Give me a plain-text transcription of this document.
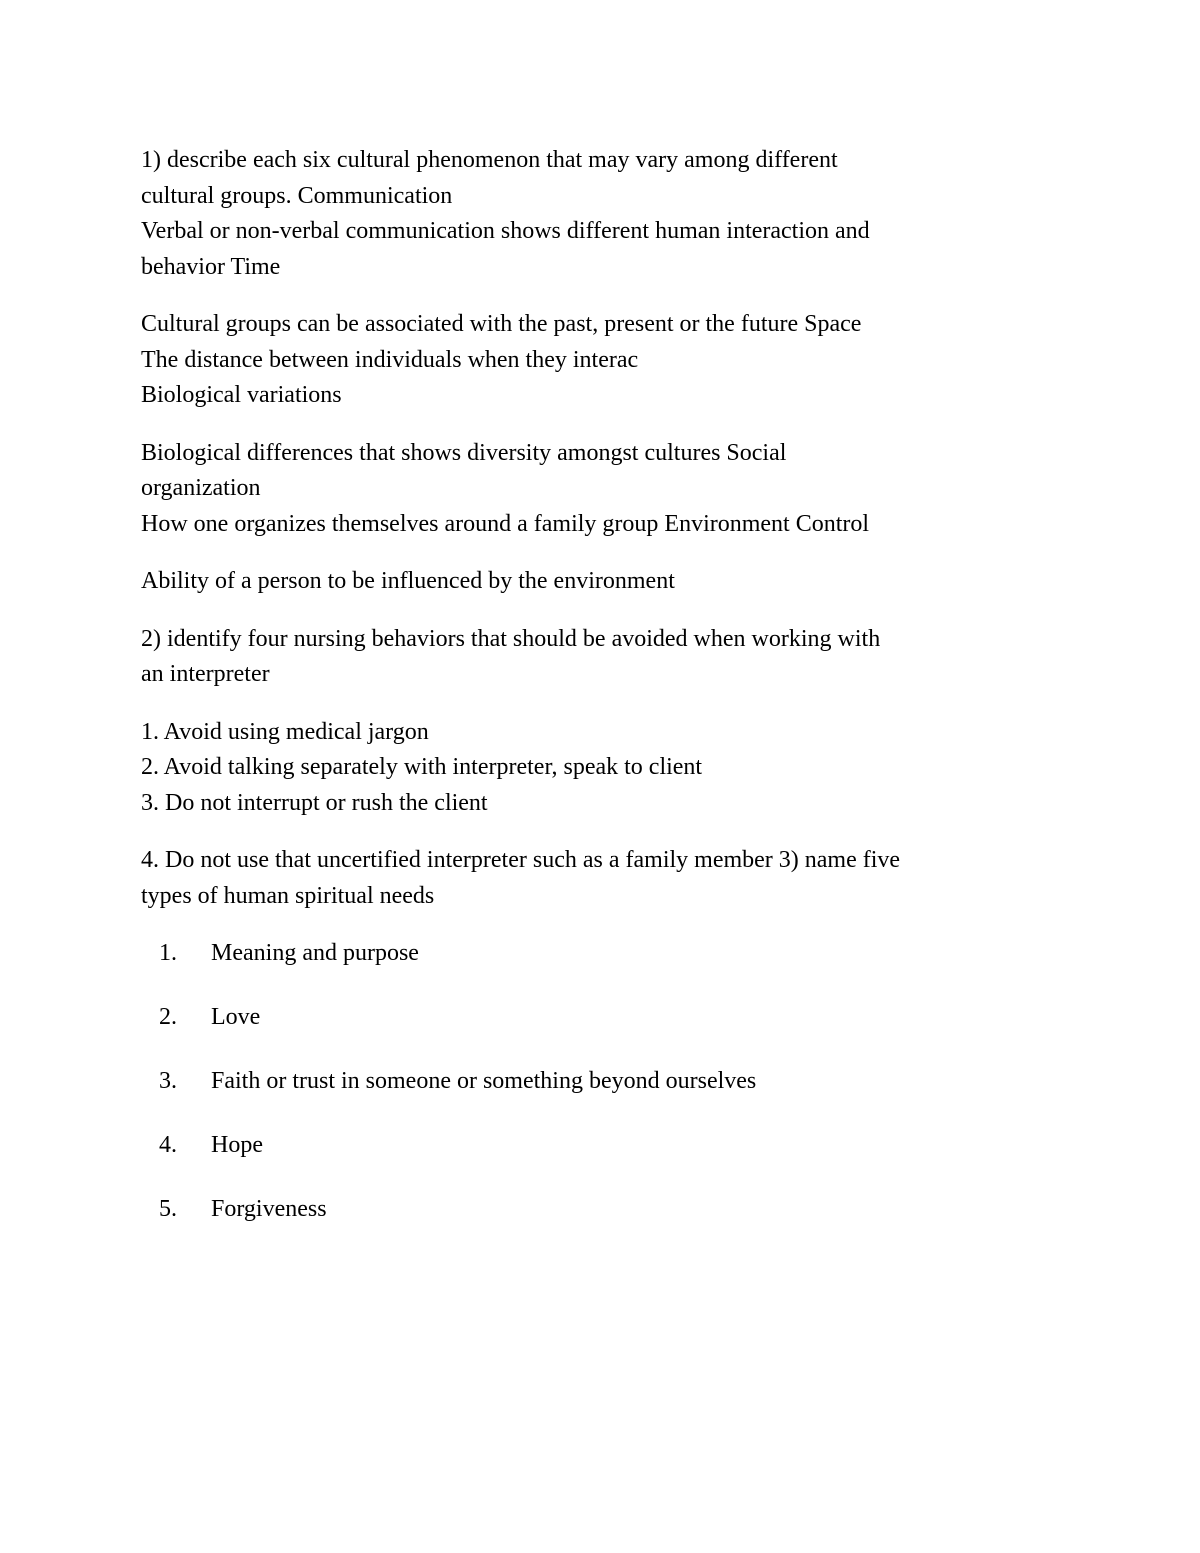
1) describe each six cultural phenomenon that may vary among different
cultural groups. Communication
Verbal or non-verbal communication shows different human interaction and
behavior Time

Cultural groups can be associated with the past, present or the future Space
The distance between individuals when they interac
Biological variations

Biological differences that shows diversity amongst cultures Social
organization
How one organizes themselves around a family group Environment Control

Ability of a person to be influenced by the environment

2) identify four nursing behaviors that should be avoided when working with
an interpreter

1. Avoid using medical jargon
2. Avoid talking separately with interpreter, speak to client
3. Do not interrupt or rush the client

4. Do not use that uncertified interpreter such as a family member 3) name five
types of human spiritual needs

1.	Meaning and purpose
2.	Love
3.	Faith or trust in someone or something beyond ourselves
4.	Hope
5.	Forgiveness
